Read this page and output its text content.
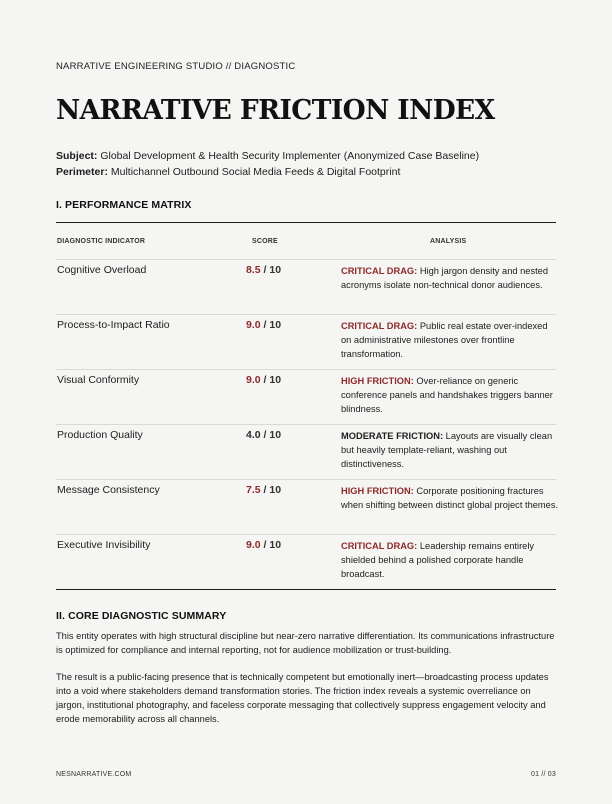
NARRATIVE ENGINEERING STUDIO // DIAGNOSTIC
NARRATIVE FRICTION INDEX
Subject: Global Development & Health Security Implementer (Anonymized Case Baseline)
Perimeter: Multichannel Outbound Social Media Feeds & Digital Footprint
I. PERFORMANCE MATRIX
DIAGNOSTIC INDICATOR	SCORE	ANALYSIS
Cognitive Overload	8.5 / 10	CRITICAL DRAG: High jargon density and nested acronyms isolate non-technical donor audiences.
Process-to-Impact Ratio	9.0 / 10	CRITICAL DRAG: Public real estate over-indexed on administrative milestones over frontline transformation.
Visual Conformity	9.0 / 10	HIGH FRICTION: Over-reliance on generic conference panels and handshakes triggers banner blindness.
Production Quality	4.0 / 10	MODERATE FRICTION: Layouts are visually clean but heavily template-reliant, washing out distinctiveness.
Message Consistency	7.5 / 10	HIGH FRICTION: Corporate positioning fractures when shifting between distinct global project themes.
Executive Invisibility	9.0 / 10	CRITICAL DRAG: Leadership remains entirely shielded behind a polished corporate handle broadcast.
II. CORE DIAGNOSTIC SUMMARY

This entity operates with high structural discipline but near-zero narrative differentiation. Its communications infrastructure is optimized for compliance and internal reporting, not for audience mobilization or trust-building.

The result is a public-facing presence that is technically competent but emotionally inert—broadcasting process updates into a void where stakeholders demand transformation stories. The friction index reveals a systemic overreliance on jargon, institutional photography, and faceless corporate messaging that collectively suppress engagement velocity and erode memorability across all channels.

NESNARRATIVE.COM	01 // 03
